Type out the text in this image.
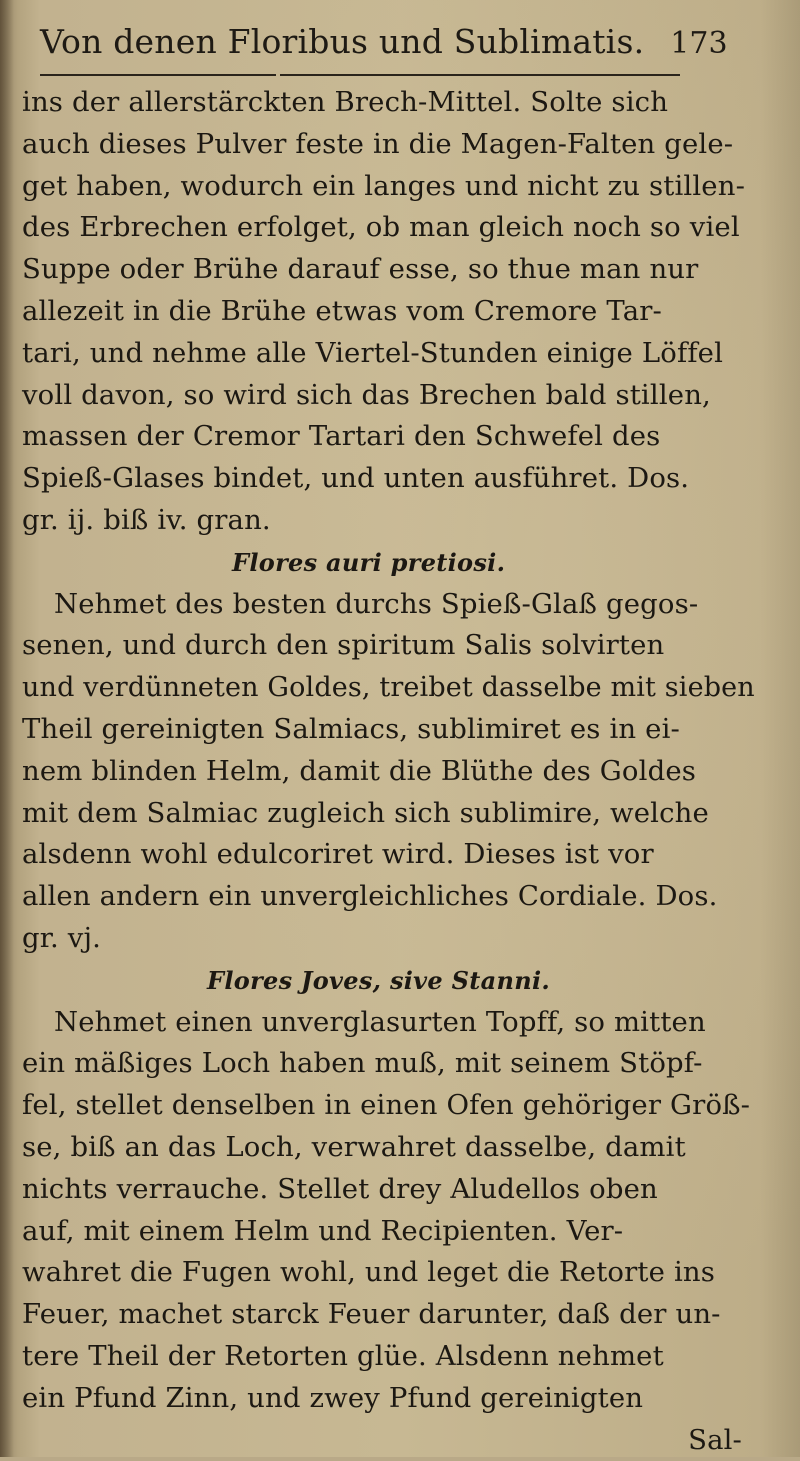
Von denen Floribus und Sublimatis. 173
ins der allerstärckten Brech-Mittel. Solte sich
auch dieses Pulver feste in die Magen-Falten gele-
get haben, wodurch ein langes und nicht zu stillen-
des Erbrechen erfolget, ob man gleich noch so viel
Suppe oder Brühe darauf esse, so thue man nur
allezeit in die Brühe etwas vom Cremore Tar-
tari, und nehme alle Viertel-Stunden einige Löffel
voll davon, so wird sich das Brechen bald stillen,
massen der Cremor Tartari den Schwefel des
Spieß-Glases bindet, und unten ausführet. Dos.
gr. ij. biß iv. gran.
Flores auri pretiosi.
Nehmet des besten durchs Spieß-Glaß gegos-
senen, und durch den spiritum Salis solvirten
und verdünneten Goldes, treibet dasselbe mit sieben
Theil gereinigten Salmiacs, sublimiret es in ei-
nem blinden Helm, damit die Blüthe des Goldes
mit dem Salmiac zugleich sich sublimire, welche
alsdenn wohl edulcoriret wird. Dieses ist vor
allen andern ein unvergleichliches Cordiale. Dos.
gr. vj.
Flores Joves, sive Stanni.
Nehmet einen unverglasurten Topff, so mitten
ein mäßiges Loch haben muß, mit seinem Stöpf-
fel, stellet denselben in einen Ofen gehöriger Größ-
se, biß an das Loch, verwahret dasselbe, damit
nichts verrauche. Stellet drey Aludellos oben
auf, mit einem Helm und Recipienten. Ver-
wahret die Fugen wohl, und leget die Retorte ins
Feuer, machet starck Feuer darunter, daß der un-
tere Theil der Retorten glüe. Alsdenn nehmet
ein Pfund Zinn, und zwey Pfund gereinigten
Sal-
